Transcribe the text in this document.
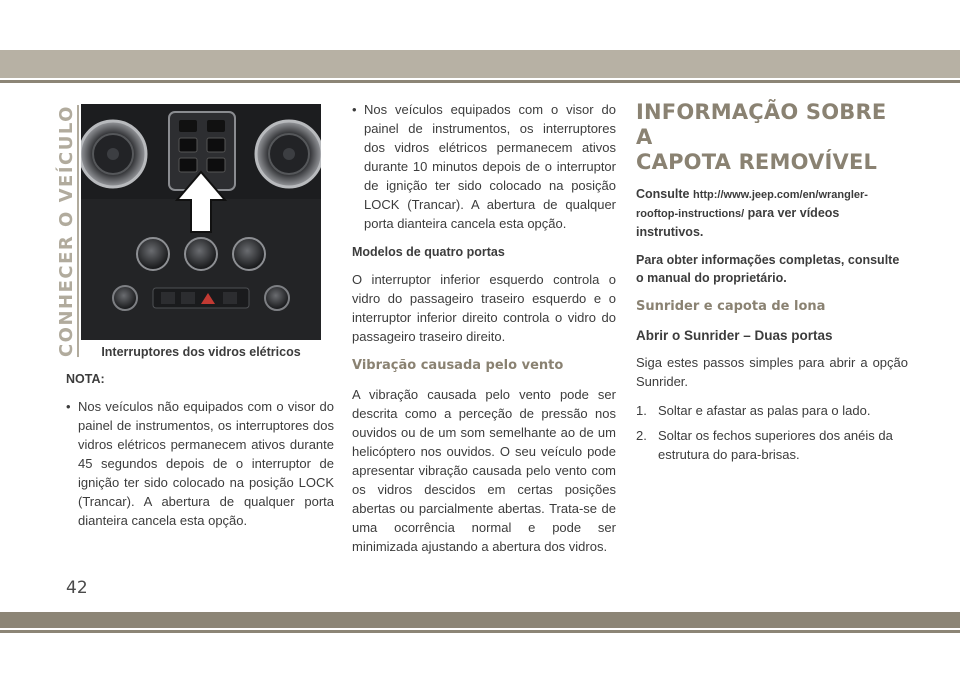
CONHECER O VEÍCULO	Interruptores dos vidros elétricos
NOTA:
• Nos veículos não equipados com o visor do painel de instrumentos, os interruptores dos vidros elétricos permanecem ativos durante 45 segundos depois de o interruptor de ignição ter sido colocado na posição LOCK (Trancar). A abertura de qualquer porta dianteira cancela esta opção.
• Nos veículos equipados com o visor do painel de instrumentos, os interruptores dos vidros elétricos permanecem ativos durante 10 minutos depois de o interruptor de ignição ter sido colocado na posição LOCK (Trancar). A abertura de qualquer porta dianteira cancela esta opção.
Modelos de quatro portas
O interruptor inferior esquerdo controla o vidro do passageiro traseiro esquerdo e o interruptor inferior direito controla o vidro do passageiro traseiro direito.
Vibração causada pelo vento
A vibração causada pelo vento pode ser descrita como a perceção de pressão nos ouvidos ou de um som semelhante ao de um helicóptero nos ouvidos. O seu veículo pode apresentar vibração causada pelo vento com os vidros descidos em certas posições abertas ou parcialmente abertas. Trata-se de uma ocorrência normal e pode ser minimizada ajustando a abertura dos vidros.
INFORMAÇÃO SOBRE A
CAPOTA REMOVÍVEL
Consulte http://www.jeep.com/en/wrangler-rooftop-instructions/ para ver vídeos instrutivos.
Para obter informações completas, consulte o manual do proprietário.
Sunrider e capota de lona
Abrir o Sunrider – Duas portas
Siga estes passos simples para abrir a opção Sunrider.
1. Soltar e afastar as palas para o lado.
2. Soltar os fechos superiores dos anéis da estrutura do para-brisas.
42
